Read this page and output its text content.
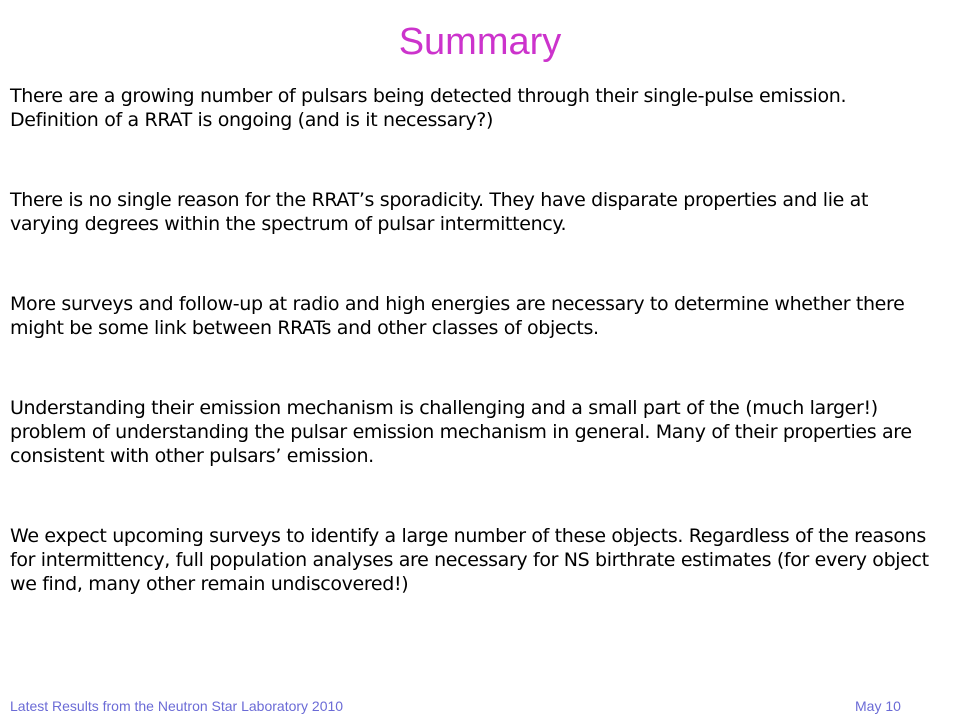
Summary

There are a growing number of pulsars being detected through their single-pulse emission. Definition of a RRAT is ongoing (and is it necessary?)

There is no single reason for the RRAT’s sporadicity. They have disparate properties and lie at varying degrees within the spectrum of pulsar intermittency.

More surveys and follow-up at radio and high energies are necessary to determine whether there might be some link between RRATs and other classes of objects.

Understanding their emission mechanism is challenging and a small part of the (much larger!) problem of understanding the pulsar emission mechanism in general. Many of their properties are consistent with other pulsars’ emission.

We expect upcoming surveys to identify a large number of these objects. Regardless of the reasons for intermittency, full population analyses are necessary for NS birthrate estimates (for every object we find, many other remain undiscovered!)

Latest Results from the Neutron Star Laboratory 2010	May 10
